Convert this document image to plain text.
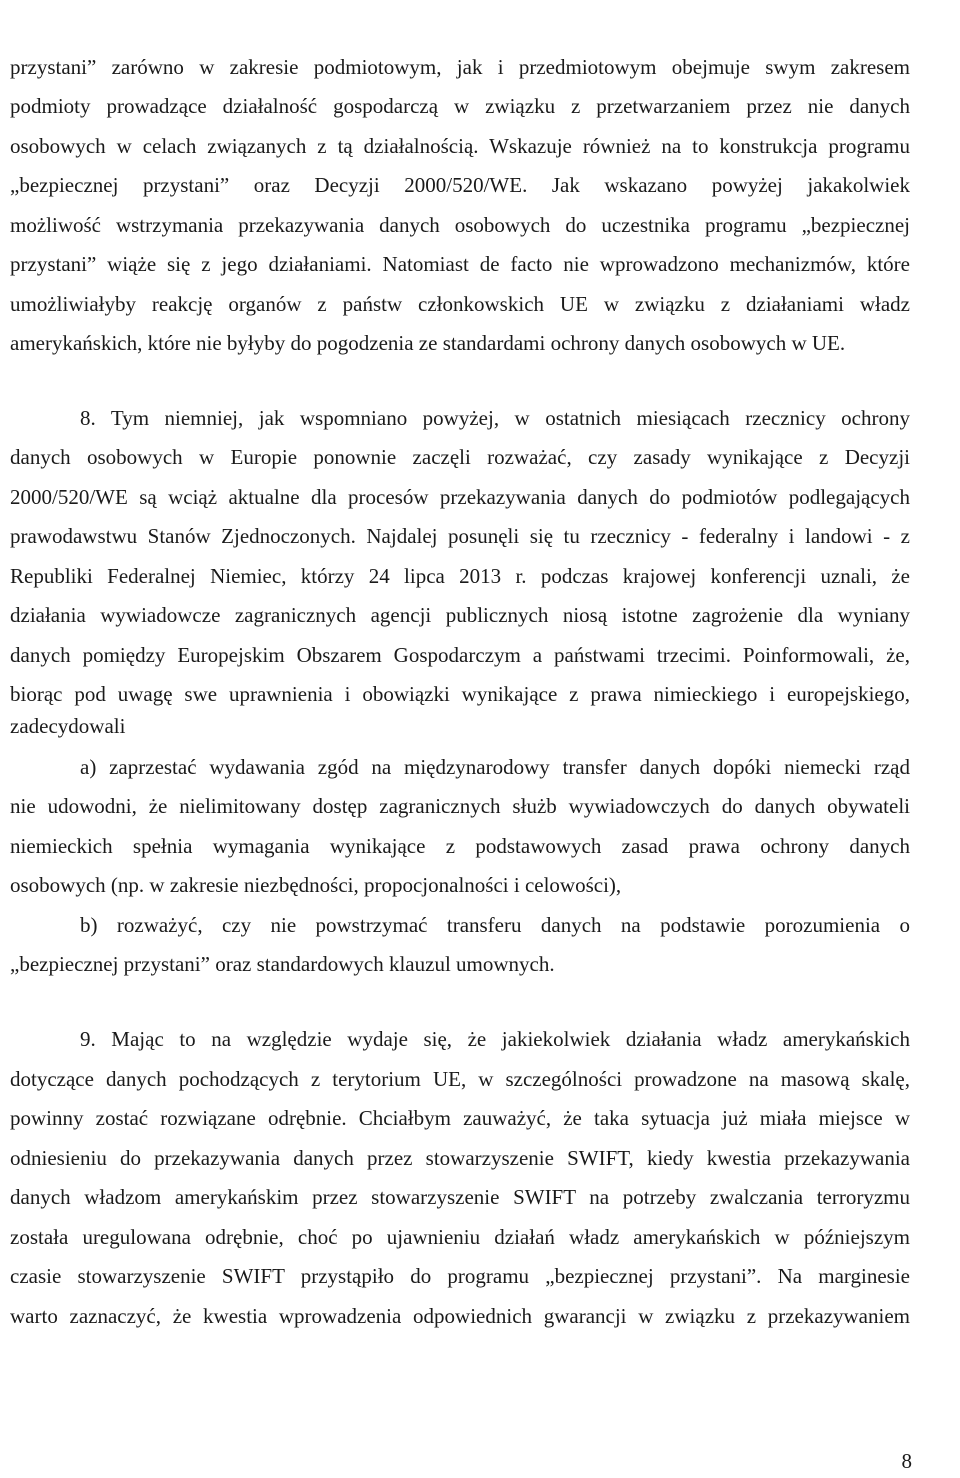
przystani” zarówno w zakresie podmiotowym, jak i przedmiotowym obejmuje swym zakresem
podmioty prowadzące działalność gospodarczą w związku z przetwarzaniem przez nie danych
osobowych w celach związanych z tą działalnością. Wskazuje również na to konstrukcja programu
„bezpiecznej przystani” oraz Decyzji 2000/520/WE. Jak wskazano powyżej jakakolwiek
możliwość wstrzymania przekazywania danych osobowych do uczestnika programu „bezpiecznej
przystani” wiąże się z jego działaniami. Natomiast de facto nie wprowadzono mechanizmów, które
umożliwiałyby reakcję organów z państw członkowskich UE w związku z działaniami władz
amerykańskich, które nie byłyby do pogodzenia ze standardami ochrony danych osobowych w UE.
8. Tym niemniej, jak wspomniano powyżej, w ostatnich miesiącach rzecznicy ochrony
danych osobowych w Europie ponownie zaczęli rozważać, czy zasady wynikające z Decyzji
2000/520/WE są wciąż aktualne dla procesów przekazywania danych do podmiotów podlegających
prawodawstwu Stanów Zjednoczonych. Najdalej posunęli się tu rzecznicy - federalny i landowi - z
Republiki Federalnej Niemiec, którzy 24 lipca 2013 r. podczas krajowej konferencji uznali, że
działania wywiadowcze zagranicznych agencji publicznych niosą istotne zagrożenie dla wyniany
danych pomiędzy Europejskim Obszarem Gospodarczym a państwami trzecimi. Poinformowali, że,
biorąc pod uwagę swe uprawnienia i obowiązki wynikające z prawa nimieckiego i europejskiego,
zadecydowali
a) zaprzestać wydawania zgód na międzynarodowy transfer danych dopóki niemecki rząd
nie udowodni, że nielimitowany dostęp zagranicznych służb wywiadowczych do danych obywateli
niemieckich spełnia wymagania wynikające z podstawowych zasad prawa ochrony danych
osobowych (np. w zakresie niezbędności, propocjonalności i celowości),
b) rozważyć, czy nie powstrzymać transferu danych na podstawie porozumienia o
„bezpiecznej przystani” oraz standardowych klauzul umownych.
9. Mając to na względzie wydaje się, że jakiekolwiek działania władz amerykańskich
dotyczące danych pochodzących z terytorium UE, w szczególności prowadzone na masową skalę,
powinny zostać rozwiązane odrębnie. Chciałbym zauważyć, że taka sytuacja już miała miejsce w
odniesieniu do przekazywania danych przez stowarzyszenie SWIFT, kiedy kwestia przekazywania
danych władzom amerykańskim przez stowarzyszenie SWIFT na potrzeby zwalczania terroryzmu
została uregulowana odrębnie, choć po ujawnieniu działań władz amerykańskich w późniejszym
czasie stowarzyszenie SWIFT przystąpiło do programu „bezpiecznej przystani”. Na marginesie
warto zaznaczyć, że kwestia wprowadzenia odpowiednich gwarancji w związku z przekazywaniem
8
